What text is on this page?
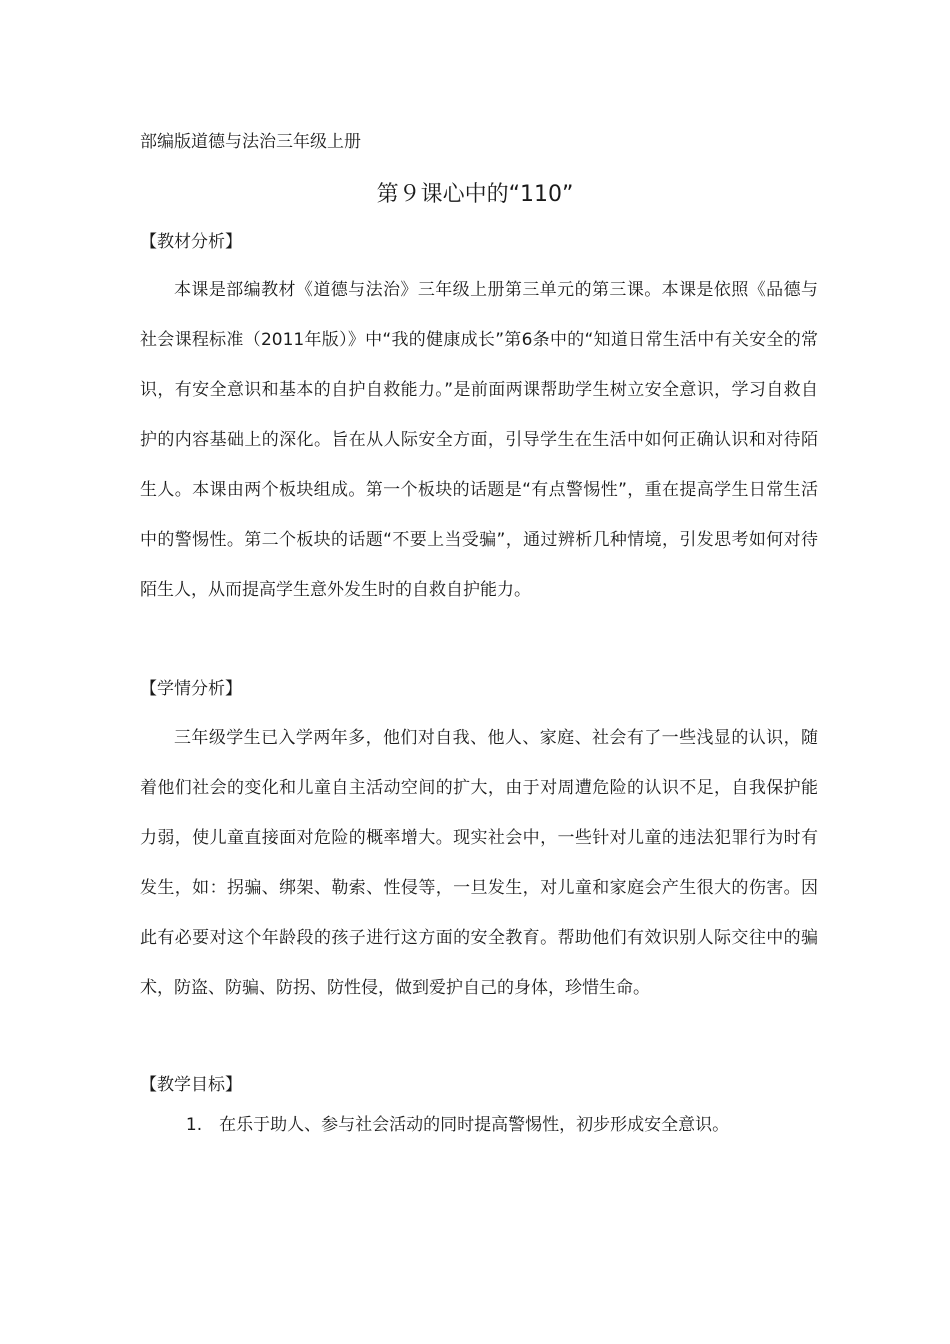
部编版道德与法治三年级上册

第９课心中的“110”

【教材分析】

本课是部编教材《道德与法治》三年级上册第三单元的第三课。本课是依照《品德与社会课程标准（2011年版）》中“我的健康成长”第6条中的“知道日常生活中有关安全的常识，有安全意识和基本的自护自救能力。”是前面两课帮助学生树立安全意识，学习自救自护的内容基础上的深化。旨在从人际安全方面，引导学生在生活中如何正确认识和对待陌生人。本课由两个板块组成。第一个板块的话题是“有点警惕性”，重在提高学生日常生活中的警惕性。第二个板块的话题“不要上当受骗”，通过辨析几种情境，引发思考如何对待陌生人，从而提高学生意外发生时的自救自护能力。

【学情分析】

三年级学生已入学两年多，他们对自我、他人、家庭、社会有了一些浅显的认识，随着他们社会的变化和儿童自主活动空间的扩大，由于对周遭危险的认识不足，自我保护能力弱，使儿童直接面对危险的概率增大。现实社会中，一些针对儿童的违法犯罪行为时有发生，如：拐骗、绑架、勒索、性侵等，一旦发生，对儿童和家庭会产生很大的伤害。因此有必要对这个年龄段的孩子进行这方面的安全教育。帮助他们有效识别人际交往中的骗术，防盗、防骗、防拐、防性侵，做到爱护自己的身体，珍惜生命。

【教学目标】

1.　在乐于助人、参与社会活动的同时提高警惕性，初步形成安全意识。
